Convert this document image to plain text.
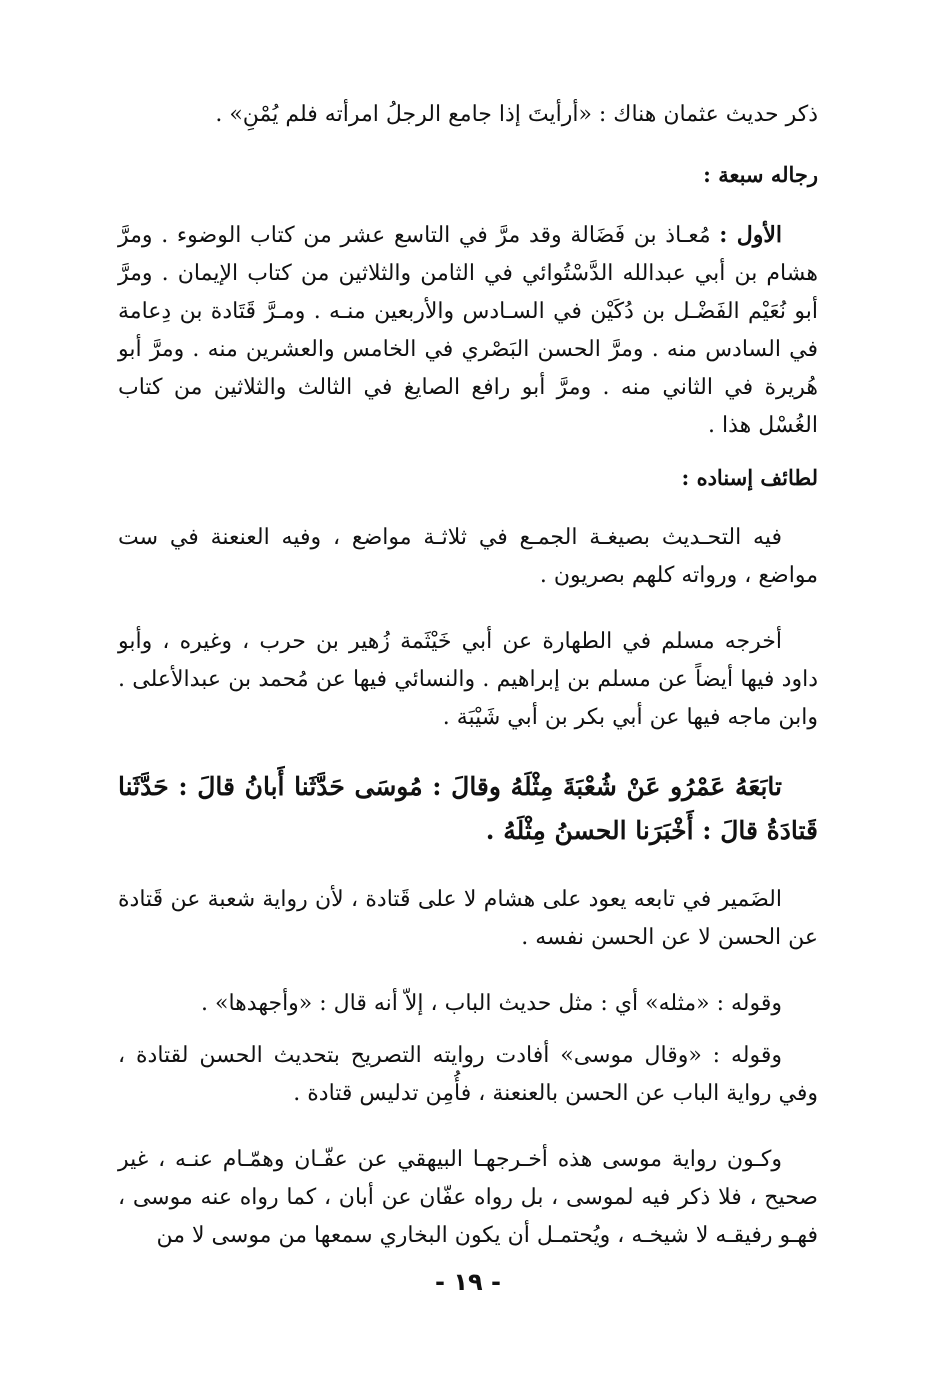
ذكر حديث عثمان هناك : «أرأيتَ إذا جامع الرجلُ امرأته فلم يُمْنِ» .

رجاله سبعة :

الأول : مُعـاذ بن فَضَالة وقد مرَّ في التاسع عشر من كتاب الوضوء . ومرَّ هشام بن أبي عبدالله الدَّسْتُوائي في الثامن والثلاثين من كتاب الإيمان . ومرَّ أبو نُعَيْم الفَضْـل بن دُكَيْن في السـادس والأربعين منـه . ومـرَّ قَتَادة بن دِعامة في السادس منه . ومرَّ الحسن البَصْري في الخامس والعشرين منه . ومرَّ أبو هُريرة في الثاني منه . ومرَّ أبو رافع الصايغ في الثالث والثلاثين من كتاب الغُسْل هذا .

لطائف إسناده :

فيه التحـديث بصيغـة الجمـع في ثلاثـة مواضع ، وفيه العنعنة في ست مواضع ، ورواته كلهم بصريون .

أخرجه مسلم في الطهارة عن أبي خَيْثَمة زُهير بن حرب ، وغيره ، وأبو داود فيها أيضاً عن مسلم بن إبراهيم . والنسائي فيها عن مُحمد بن عبدالأعلى . وابن ماجه فيها عن أبي بكر بن أبي شَيْبَة .

تابَعَهُ عَمْرُو عَنْ شُعْبَةَ مِثْلَهُ وقالَ : مُوسَى حَدَّثَنا أَبانُ قالَ : حَدَّثَنا قَتادَةُ قالَ : أَخْبَرَنا الحسنُ مِثْلَهُ .

الضَمير في تابعه يعود على هشام لا على قَتادة ، لأن رواية شعبة عن قَتادة عن الحسن لا عن الحسن نفسه .

وقوله : «مثله» أي : مثل حديث الباب ، إلاّ أنه قال : «وأجهدها» .

وقوله : «وقال موسى» أفادت روايته التصريح بتحديث الحسن لقتادة ، وفي رواية الباب عن الحسن بالعنعنة ، فأُمِن تدليس قتادة .

وكـون رواية موسى هذه أخـرجهـا البيهقي عن عفّـان وهمّـام عنـه ، غير صحيح ، فلا ذكر فيه لموسى ، بل رواه عفّان عن أبان ، كما رواه عنه موسى ، فهـو رفيقـه لا شيخـه ، ويُحتمـل أن يكون البخاري سمعها من موسى لا من

- ١٩ -
